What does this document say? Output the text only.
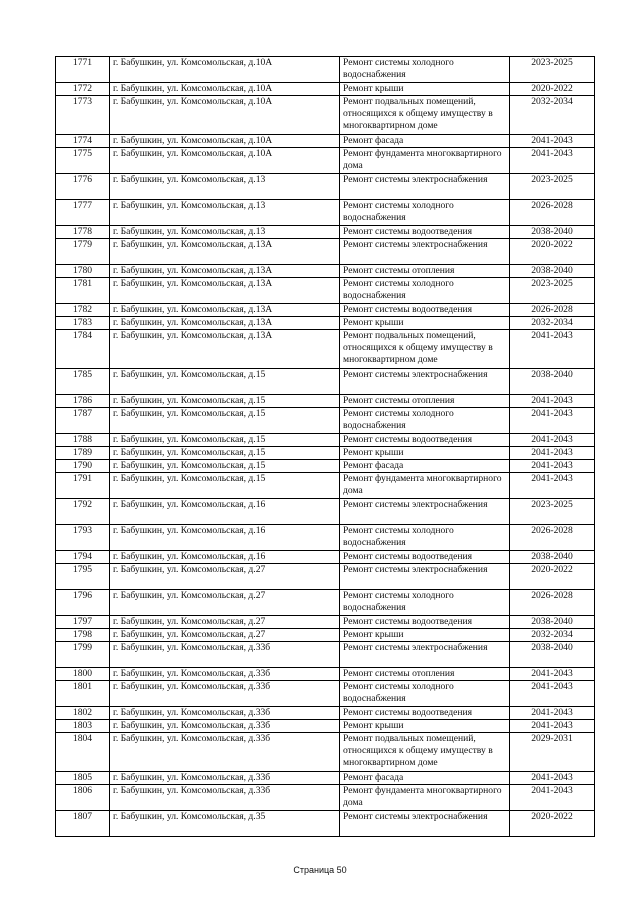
1771	г. Бабушкин, ул. Комсомольская, д.10А	Ремонт системы холодного водоснабжения	2023-2025
1772	г. Бабушкин, ул. Комсомольская, д.10А	Ремонт крыши	2020-2022
1773	г. Бабушкин, ул. Комсомольская, д.10А	Ремонт подвальных помещений, относящихся к общему имуществу в многоквартирном доме	2032-2034
1774	г. Бабушкин, ул. Комсомольская, д.10А	Ремонт фасада	2041-2043
1775	г. Бабушкин, ул. Комсомольская, д.10А	Ремонт фундамента многоквартирного дома	2041-2043
1776	г. Бабушкин, ул. Комсомольская, д.13	Ремонт системы электроснабжения	2023-2025
1777	г. Бабушкин, ул. Комсомольская, д.13	Ремонт системы холодного водоснабжения	2026-2028
1778	г. Бабушкин, ул. Комсомольская, д.13	Ремонт системы водоотведения	2038-2040
1779	г. Бабушкин, ул. Комсомольская, д.13А	Ремонт системы электроснабжения	2020-2022
1780	г. Бабушкин, ул. Комсомольская, д.13А	Ремонт системы отопления	2038-2040
1781	г. Бабушкин, ул. Комсомольская, д.13А	Ремонт системы холодного водоснабжения	2023-2025
1782	г. Бабушкин, ул. Комсомольская, д.13А	Ремонт системы водоотведения	2026-2028
1783	г. Бабушкин, ул. Комсомольская, д.13А	Ремонт крыши	2032-2034
1784	г. Бабушкин, ул. Комсомольская, д.13А	Ремонт подвальных помещений, относящихся к общему имуществу в многоквартирном доме	2041-2043
1785	г. Бабушкин, ул. Комсомольская, д.15	Ремонт системы электроснабжения	2038-2040
1786	г. Бабушкин, ул. Комсомольская, д.15	Ремонт системы отопления	2041-2043
1787	г. Бабушкин, ул. Комсомольская, д.15	Ремонт системы холодного водоснабжения	2041-2043
1788	г. Бабушкин, ул. Комсомольская, д.15	Ремонт системы водоотведения	2041-2043
1789	г. Бабушкин, ул. Комсомольская, д.15	Ремонт крыши	2041-2043
1790	г. Бабушкин, ул. Комсомольская, д.15	Ремонт фасада	2041-2043
1791	г. Бабушкин, ул. Комсомольская, д.15	Ремонт фундамента многоквартирного дома	2041-2043
1792	г. Бабушкин, ул. Комсомольская, д.16	Ремонт системы электроснабжения	2023-2025
1793	г. Бабушкин, ул. Комсомольская, д.16	Ремонт системы холодного водоснабжения	2026-2028
1794	г. Бабушкин, ул. Комсомольская, д.16	Ремонт системы водоотведения	2038-2040
1795	г. Бабушкин, ул. Комсомольская, д.27	Ремонт системы электроснабжения	2020-2022
1796	г. Бабушкин, ул. Комсомольская, д.27	Ремонт системы холодного водоснабжения	2026-2028
1797	г. Бабушкин, ул. Комсомольская, д.27	Ремонт системы водоотведения	2038-2040
1798	г. Бабушкин, ул. Комсомольская, д.27	Ремонт крыши	2032-2034
1799	г. Бабушкин, ул. Комсомольская, д.33б	Ремонт системы электроснабжения	2038-2040
1800	г. Бабушкин, ул. Комсомольская, д.33б	Ремонт системы отопления	2041-2043
1801	г. Бабушкин, ул. Комсомольская, д.33б	Ремонт системы холодного водоснабжения	2041-2043
1802	г. Бабушкин, ул. Комсомольская, д.33б	Ремонт системы водоотведения	2041-2043
1803	г. Бабушкин, ул. Комсомольская, д.33б	Ремонт крыши	2041-2043
1804	г. Бабушкин, ул. Комсомольская, д.33б	Ремонт подвальных помещений, относящихся к общему имуществу в многоквартирном доме	2029-2031
1805	г. Бабушкин, ул. Комсомольская, д.33б	Ремонт фасада	2041-2043
1806	г. Бабушкин, ул. Комсомольская, д.33б	Ремонт фундамента многоквартирного дома	2041-2043
1807	г. Бабушкин, ул. Комсомольская, д.35	Ремонт системы электроснабжения	2020-2022
Страница 50
